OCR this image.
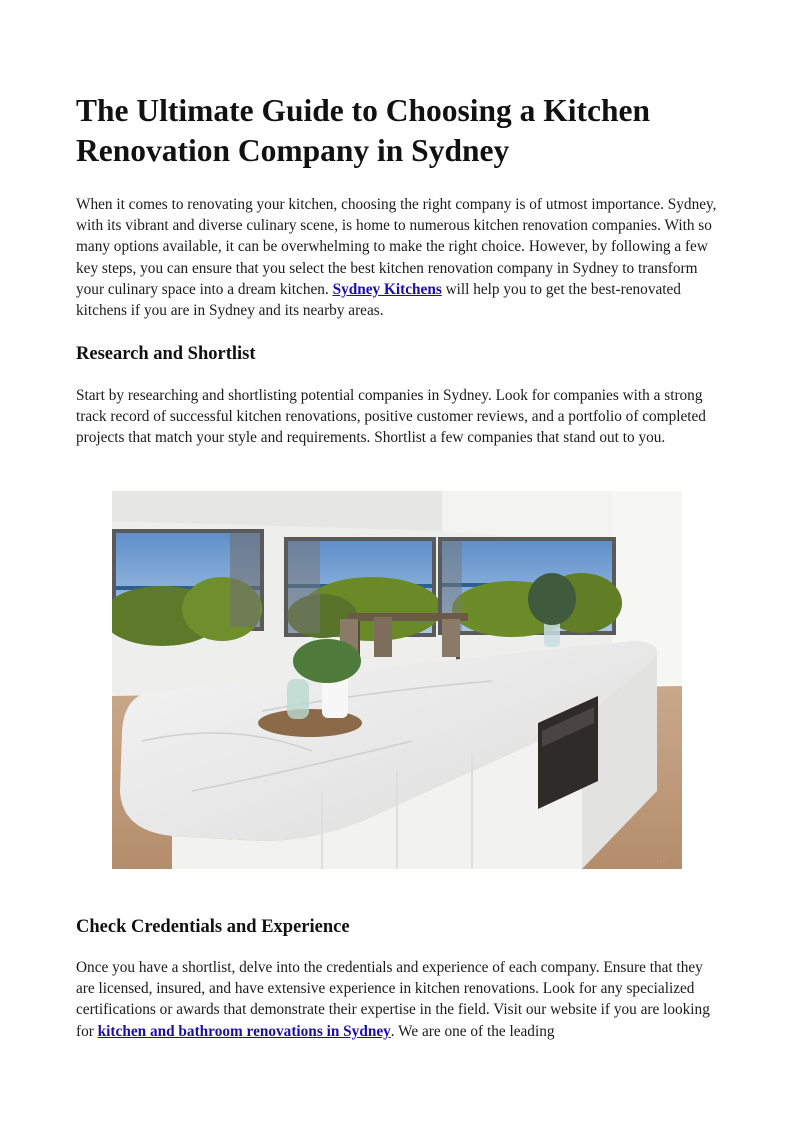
The Ultimate Guide to Choosing a Kitchen Renovation Company in Sydney

When it comes to renovating your kitchen, choosing the right company is of utmost importance. Sydney, with its vibrant and diverse culinary scene, is home to numerous kitchen renovation companies. With so many options available, it can be overwhelming to make the right choice. However, by following a few key steps, you can ensure that you select the best kitchen renovation company in Sydney to transform your culinary space into a dream kitchen. Sydney Kitchens will help you to get the best-renovated kitchens if you are in Sydney and its nearby areas.

Research and Shortlist

Start by researching and shortlisting potential companies in Sydney. Look for companies with a strong track record of successful kitchen renovations, positive customer reviews, and a portfolio of completed projects that match your style and requirements. Shortlist a few companies that stand out to you.

Check Credentials and Experience

Once you have a shortlist, delve into the credentials and experience of each company. Ensure that they are licensed, insured, and have extensive experience in kitchen renovations. Look for any specialized certifications or awards that demonstrate their expertise in the field. Visit our website if you are looking for kitchen and bathroom renovations in Sydney. We are one of the leading

· · ·
